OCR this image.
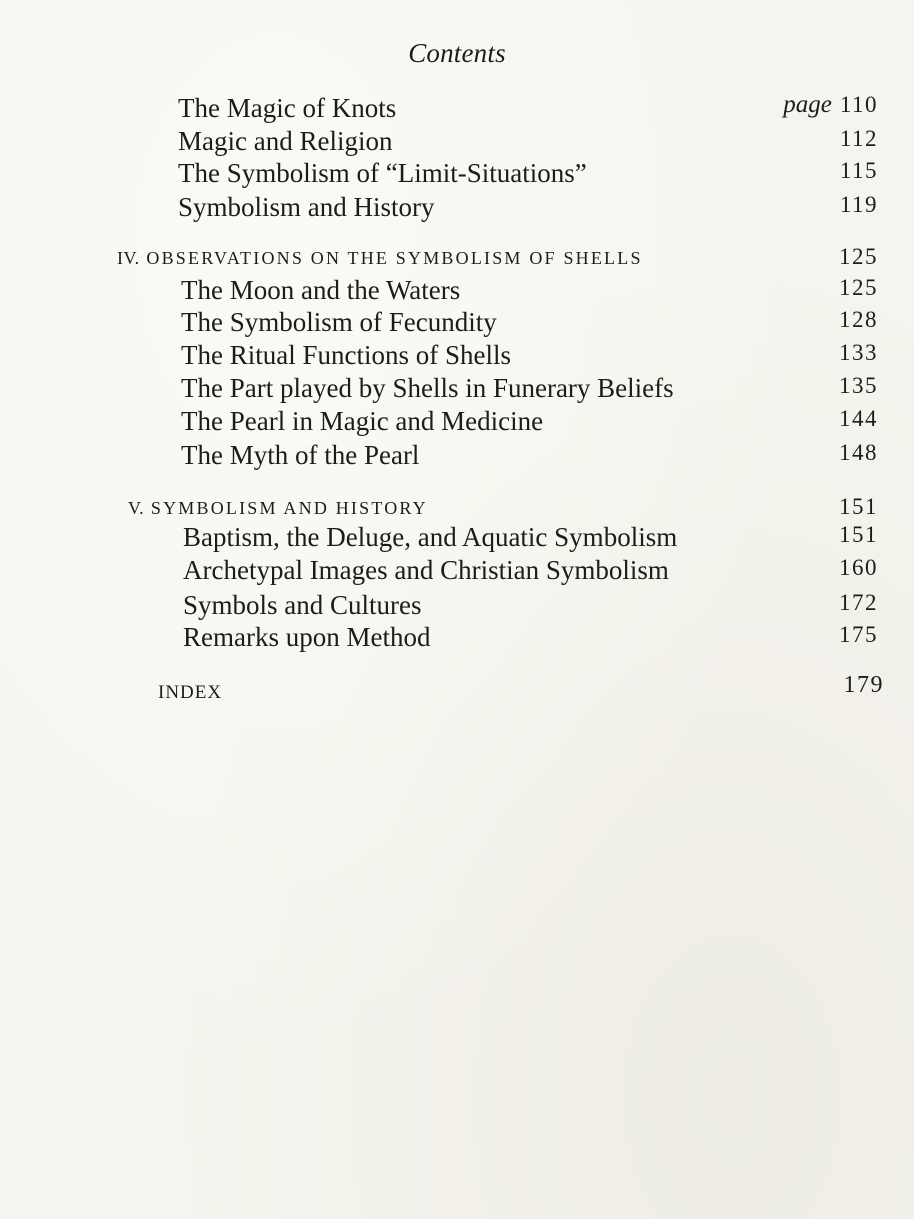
Contents
The Magic of Knots	page 110
Magic and Religion	112
The Symbolism of “Limit-Situations”	115
Symbolism and History	119
IV. OBSERVATIONS ON THE SYMBOLISM OF SHELLS	125
The Moon and the Waters	125
The Symbolism of Fecundity	128
The Ritual Functions of Shells	133
The Part played by Shells in Funerary Beliefs	135
The Pearl in Magic and Medicine	144
The Myth of the Pearl	148
V. SYMBOLISM AND HISTORY	151
Baptism, the Deluge, and Aquatic Symbolism	151
Archetypal Images and Christian Symbolism	160
Symbols and Cultures	172
Remarks upon Method	175
INDEX	179
